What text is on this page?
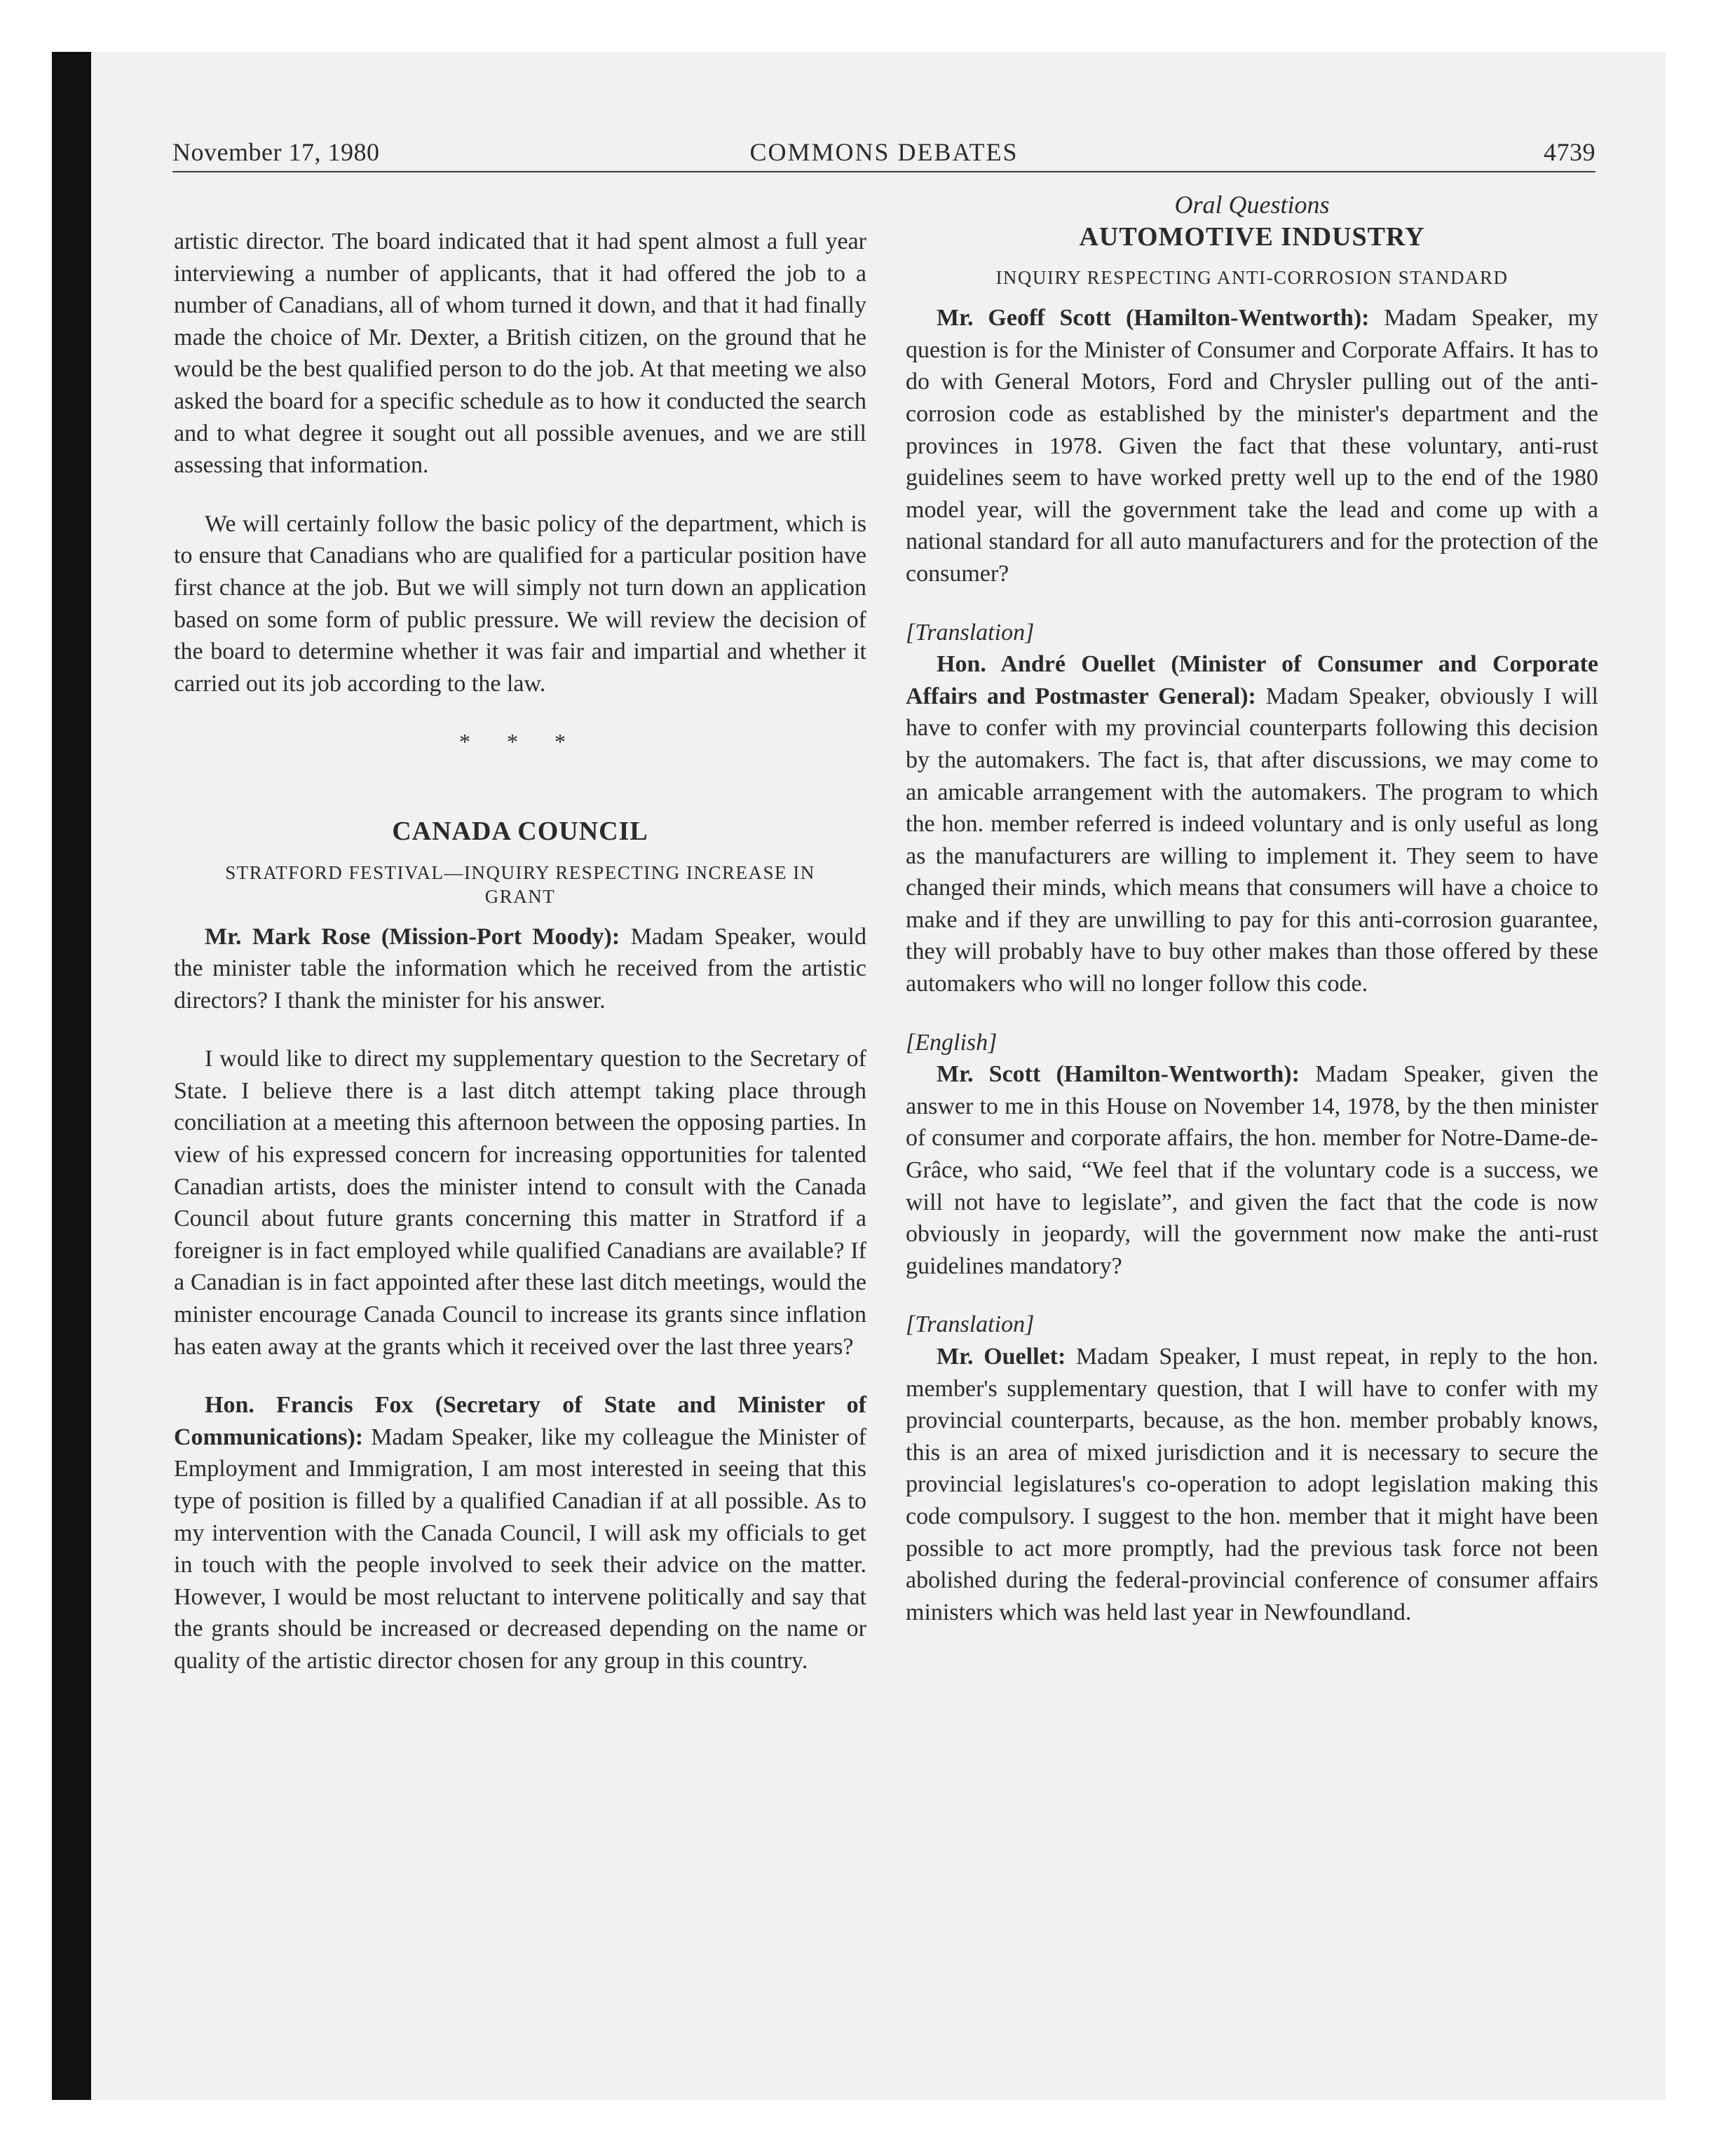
November 17, 1980	COMMONS DEBATES	4739

artistic director. The board indicated that it had spent almost a full year interviewing a number of applicants, that it had offered the job to a number of Canadians, all of whom turned it down, and that it had finally made the choice of Mr. Dexter, a British citizen, on the ground that he would be the best qualified person to do the job. At that meeting we also asked the board for a specific schedule as to how it conducted the search and to what degree it sought out all possible avenues, and we are still assessing that information.

We will certainly follow the basic policy of the department, which is to ensure that Canadians who are qualified for a particular position have first chance at the job. But we will simply not turn down an application based on some form of public pressure. We will review the decision of the board to determine whether it was fair and impartial and whether it carried out its job according to the law.

* * *

CANADA COUNCIL

STRATFORD FESTIVAL—INQUIRY RESPECTING INCREASE IN GRANT

Mr. Mark Rose (Mission-Port Moody): Madam Speaker, would the minister table the information which he received from the artistic directors? I thank the minister for his answer.

I would like to direct my supplementary question to the Secretary of State. I believe there is a last ditch attempt taking place through conciliation at a meeting this afternoon between the opposing parties. In view of his expressed concern for increasing opportunities for talented Canadian artists, does the minister intend to consult with the Canada Council about future grants concerning this matter in Stratford if a foreigner is in fact employed while qualified Canadians are available? If a Canadian is in fact appointed after these last ditch meetings, would the minister encourage Canada Council to increase its grants since inflation has eaten away at the grants which it received over the last three years?

Hon. Francis Fox (Secretary of State and Minister of Communications): Madam Speaker, like my colleague the Minister of Employment and Immigration, I am most interested in seeing that this type of position is filled by a qualified Canadian if at all possible. As to my intervention with the Canada Council, I will ask my officials to get in touch with the people involved to seek their advice on the matter. However, I would be most reluctant to intervene politically and say that the grants should be increased or decreased depending on the name or quality of the artistic director chosen for any group in this country.

Oral Questions

AUTOMOTIVE INDUSTRY

INQUIRY RESPECTING ANTI-CORROSION STANDARD

Mr. Geoff Scott (Hamilton-Wentworth): Madam Speaker, my question is for the Minister of Consumer and Corporate Affairs. It has to do with General Motors, Ford and Chrysler pulling out of the anti-corrosion code as established by the minister's department and the provinces in 1978. Given the fact that these voluntary, anti-rust guidelines seem to have worked pretty well up to the end of the 1980 model year, will the government take the lead and come up with a national standard for all auto manufacturers and for the protection of the consumer?

[Translation]

Hon. André Ouellet (Minister of Consumer and Corporate Affairs and Postmaster General): Madam Speaker, obviously I will have to confer with my provincial counterparts following this decision by the automakers. The fact is, that after discussions, we may come to an amicable arrangement with the automakers. The program to which the hon. member referred is indeed voluntary and is only useful as long as the manufacturers are willing to implement it. They seem to have changed their minds, which means that consumers will have a choice to make and if they are unwilling to pay for this anti-corrosion guarantee, they will probably have to buy other makes than those offered by these automakers who will no longer follow this code.

[English]

Mr. Scott (Hamilton-Wentworth): Madam Speaker, given the answer to me in this House on November 14, 1978, by the then minister of consumer and corporate affairs, the hon. member for Notre-Dame-de-Grâce, who said, “We feel that if the voluntary code is a success, we will not have to legislate”, and given the fact that the code is now obviously in jeopardy, will the government now make the anti-rust guidelines mandatory?

[Translation]

Mr. Ouellet: Madam Speaker, I must repeat, in reply to the hon. member's supplementary question, that I will have to confer with my provincial counterparts, because, as the hon. member probably knows, this is an area of mixed jurisdiction and it is necessary to secure the provincial legislatures's co-operation to adopt legislation making this code compulsory. I suggest to the hon. member that it might have been possible to act more promptly, had the previous task force not been abolished during the federal-provincial conference of consumer affairs ministers which was held last year in Newfoundland.
